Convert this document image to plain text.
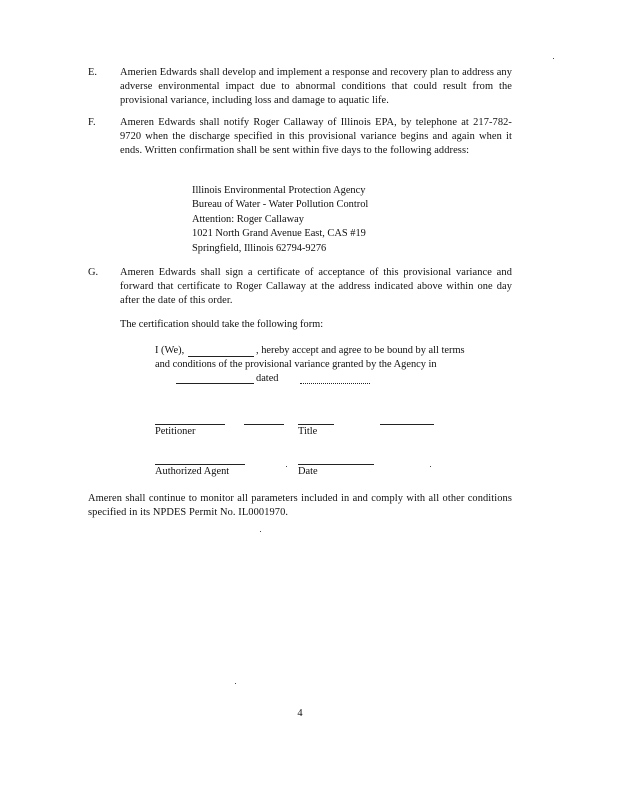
E. Amerien Edwards shall develop and implement a response and recovery plan to address any adverse environmental impact due to abnormal conditions that could result from the provisional variance, including loss and damage to aquatic life.
F. Ameren Edwards shall notify Roger Callaway of Illinois EPA, by telephone at 217-782-9720 when the discharge specified in this provisional variance begins and again when it ends. Written confirmation shall be sent within five days to the following address:
Illinois Environmental Protection Agency
Bureau of Water - Water Pollution Control
Attention: Roger Callaway
1021 North Grand Avenue East, CAS #19
Springfield, Illinois 62794-9276
G. Ameren Edwards shall sign a certificate of acceptance of this provisional variance and forward that certificate to Roger Callaway at the address indicated above within one day after the date of this order.
The certification should take the following form:
I (We),	, hereby accept and agree to be bound by all terms
and conditions of the provisional variance granted by the Agency in
dated
Petitioner	Title
Authorized Agent	Date
Ameren shall continue to monitor all parameters included in and comply with all other conditions specified in its NPDES Permit No. IL0001970.
4
